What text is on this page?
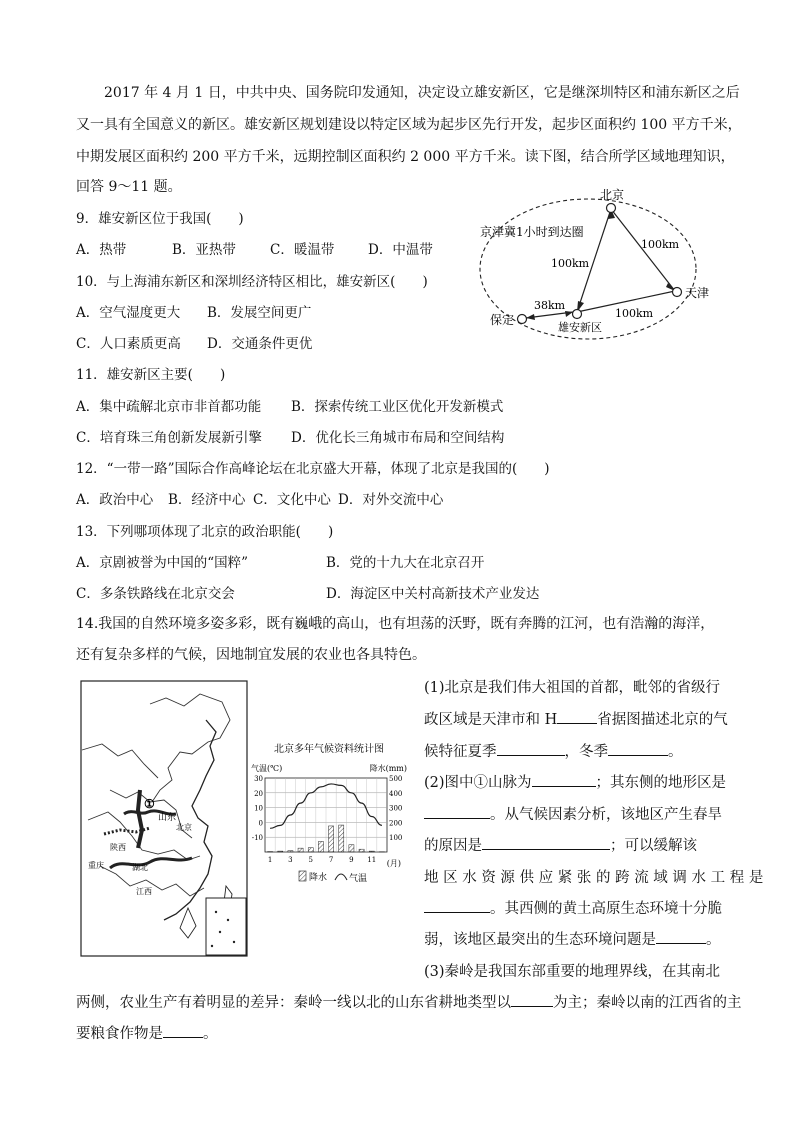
2017 年 4 月 1 日，中共中央、国务院印发通知，决定设立雄安新区，它是继深圳特区和浦东新区之后
又一具有全国意义的新区。雄安新区规划建设以特定区域为起步区先行开发，起步区面积约 100 平方千米，
中期发展区面积约 200 平方千米，远期控制区面积约 2 000 平方千米。读下图，结合所学区域地理知识，
回答 9～11 题。
9．雄安新区位于我国(　　)
A．热带	B．亚热带	C．暖温带 D．中温带
10．与上海浦东新区和深圳经济特区相比，雄安新区(　　)
A．空气湿度更大 B．发展空间更广
C．人口素质更高 D．交通条件更优
11．雄安新区主要(　　)
A．集中疏解北京市非首都功能 B．探索传统工业区优化开发新模式
C．培育珠三角创新发展新引擎 D．优化长三角城市布局和空间结构
12．“一带一路”国际合作高峰论坛在北京盛大开幕，体现了北京是我国的(　　)
A．政治中心 B．经济中心 C．文化中心 D．对外交流中心
13．下列哪项体现了北京的政治职能(　　)
A．京剧被誉为中国的“国粹”	B．党的十九大在北京召开
C．多条铁路线在北京交会	D．海淀区中关村高新技术产业发达
14.我国的自然环境多姿多彩，既有巍峨的高山，也有坦荡的沃野，既有奔腾的江河，也有浩瀚的海洋，
还有复杂多样的气候，因地制宜发展的农业也各具特色。
北京
天津
保定
雄安新区
京津冀1小时到达圈
100km
100km
100km
38km
①
山东
北京
陕西
重庆	湖北
江西
北京多年气候资料统计图
气温(℃)	降水(mm)
30
20
10
0
-10
500
400
300
200
100
1 3 5 7 9 11 (月)
降水 气温
(1)北京是我们伟大祖国的首都，毗邻的省级行
政区域是天津市和 H	省据图描述北京的气
候特征夏季	，冬季	。
(2)图中①山脉为	；其东侧的地形区是
。从气候因素分析，该地区产生春旱
的原因是	；可以缓解该
地 区 水 资 源 供 应 紧 张 的 跨 流 域 调 水 工 程 是
。其西侧的黄土高原生态环境十分脆
弱，该地区最突出的生态环境问题是	。
(3)秦岭是我国东部重要的地理界线，在其南北
两侧，农业生产有着明显的差异：秦岭一线以北的山东省耕地类型以	为主；秦岭以南的江西省的主
要粮食作物是	。
